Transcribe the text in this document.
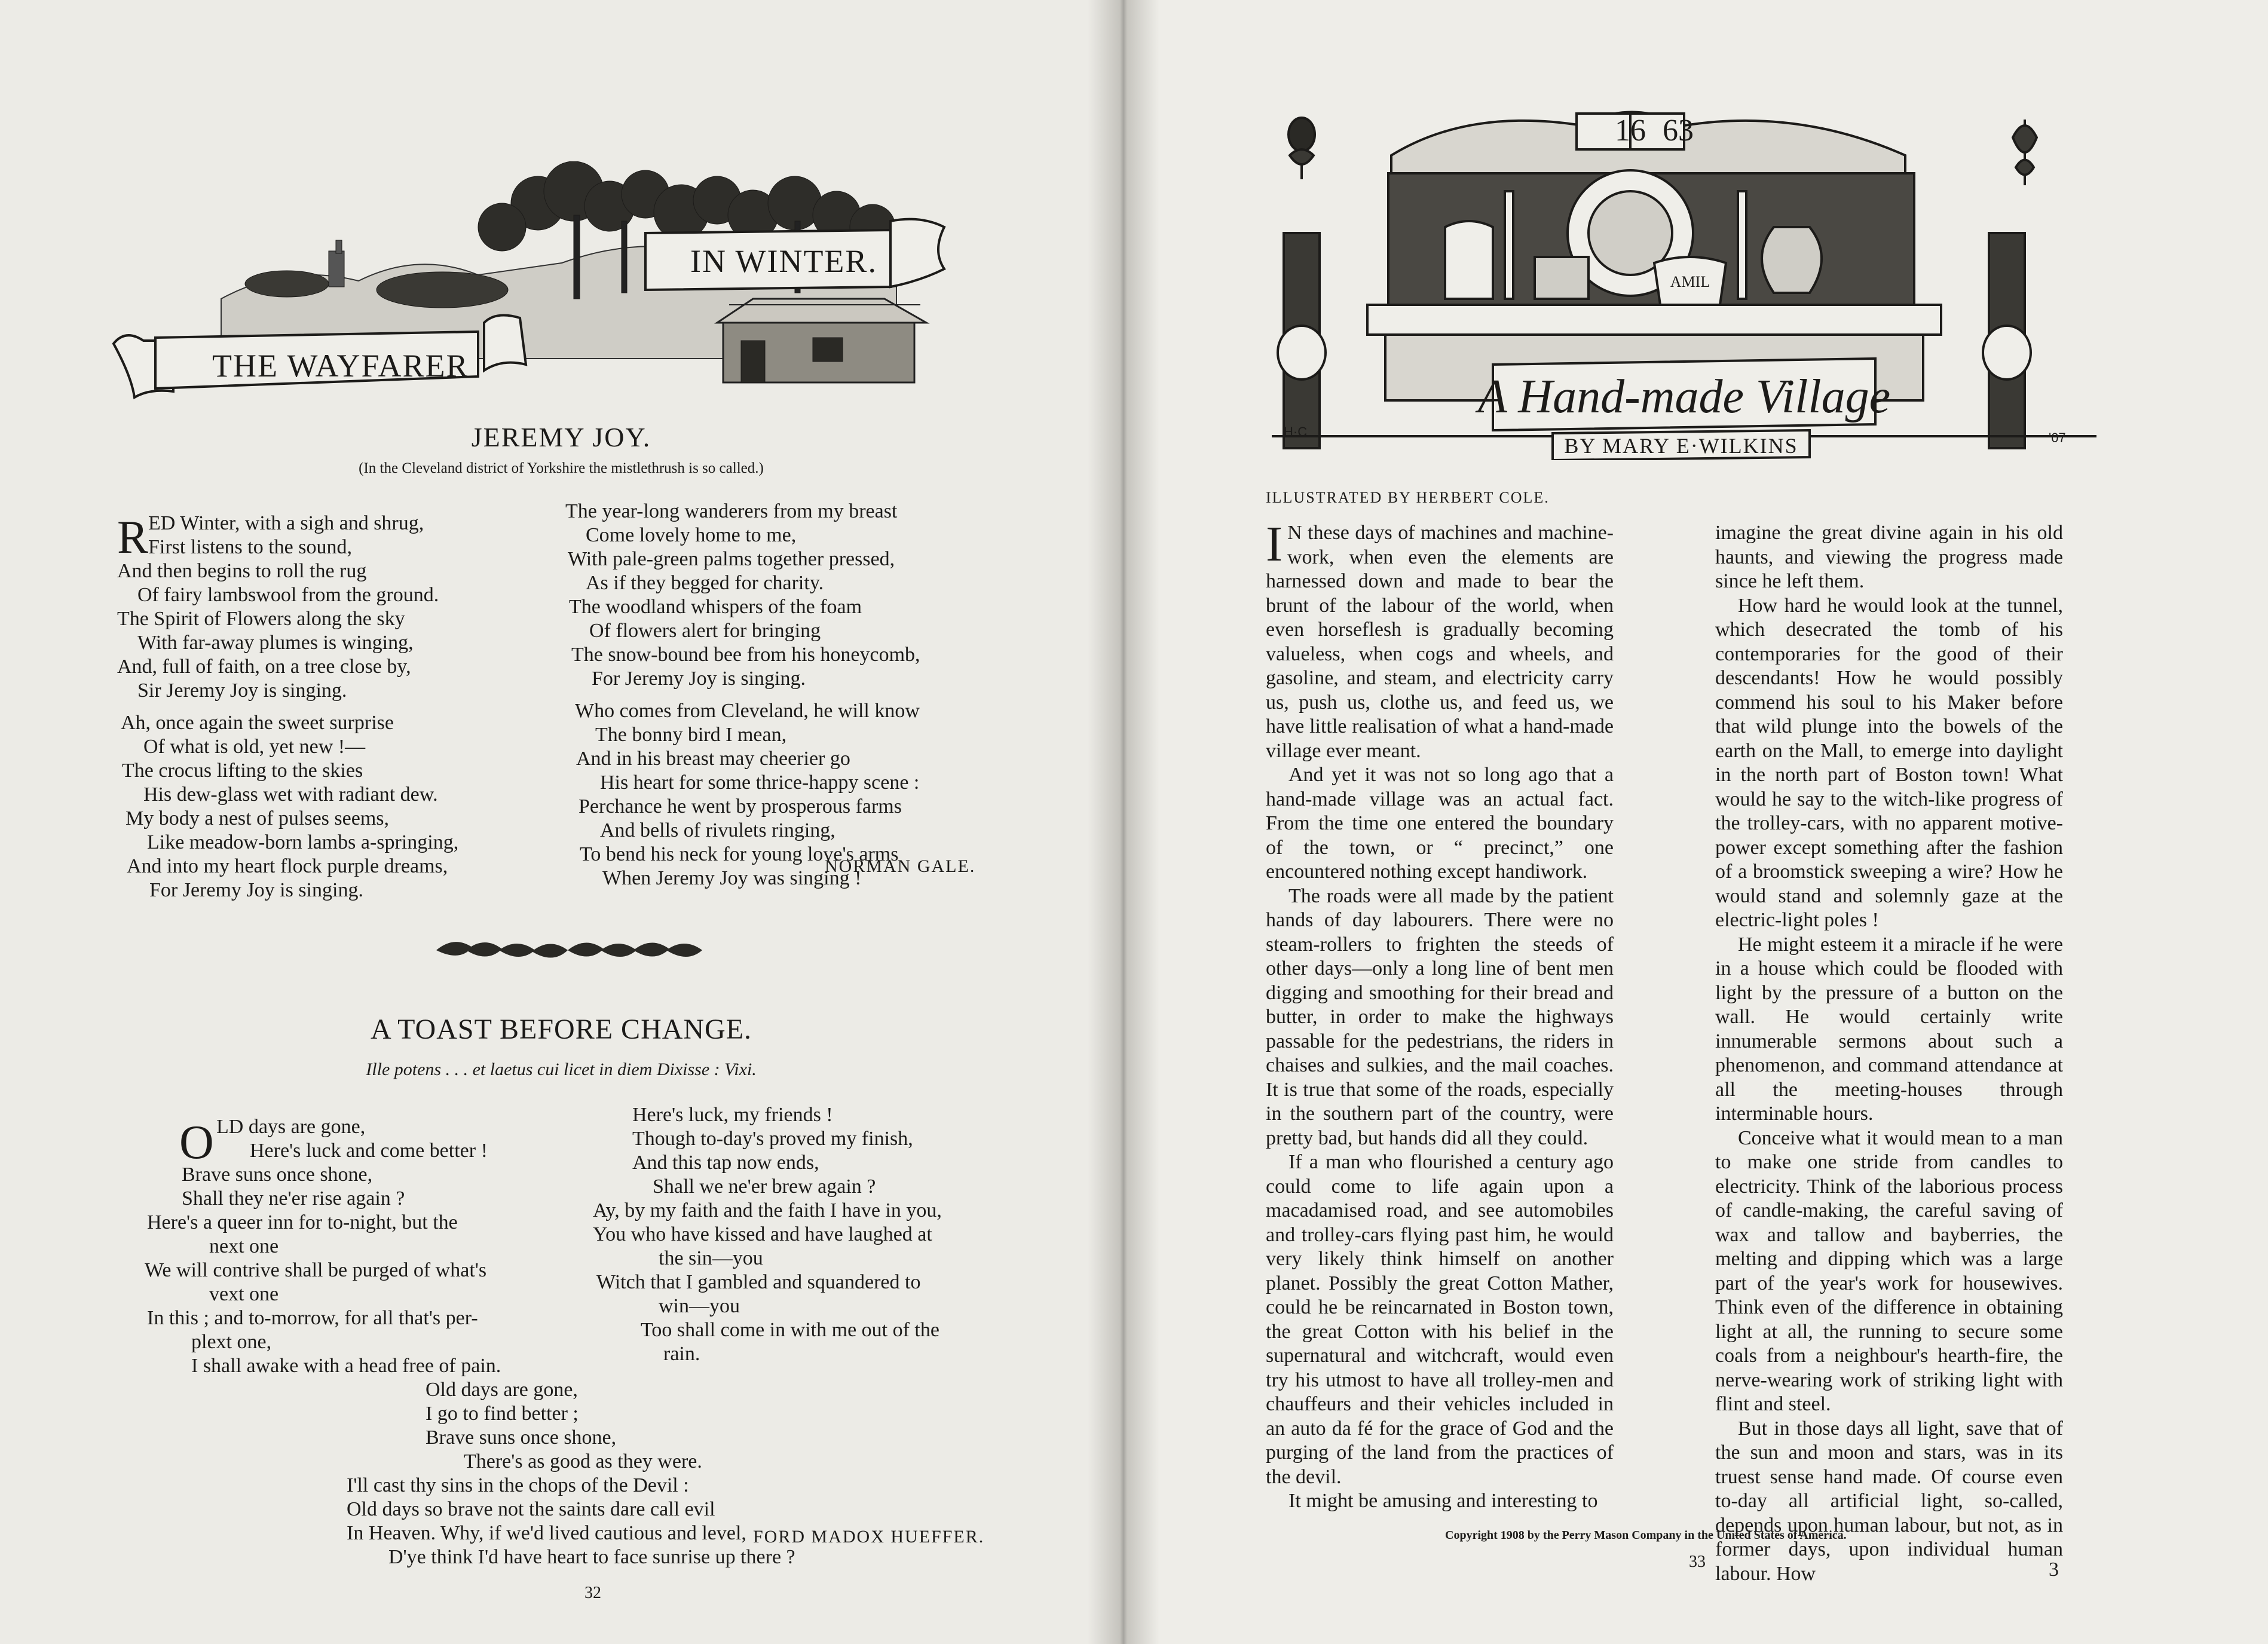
IN WINTER.
THE WAYFARER
JEREMY JOY.
(In the Cleveland district of Yorkshire the mistlethrush is so called.)
R ED Winter, with a sigh and shrug,
First listens to the sound,
And then begins to roll the rug
Of fairy lambswool from the ground.
The Spirit of Flowers along the sky
With far-away plumes is winging,
And, full of faith, on a tree close by,
Sir Jeremy Joy is singing.
Ah, once again the sweet surprise
Of what is old, yet new !—
The crocus lifting to the skies
His dew-glass wet with radiant dew.
My body a nest of pulses seems,
Like meadow-born lambs a-springing,
And into my heart flock purple dreams,
For Jeremy Joy is singing.
The year-long wanderers from my breast
Come lovely home to me,
With pale-green palms together pressed,
As if they begged for charity.
The woodland whispers of the foam
Of flowers alert for bringing
The snow-bound bee from his honeycomb,
For Jeremy Joy is singing.
Who comes from Cleveland, he will know
The bonny bird I mean,
And in his breast may cheerier go
His heart for some thrice-happy scene :
Perchance he went by prosperous farms
And bells of rivulets ringing,
To bend his neck for young love's arms
When Jeremy Joy was singing !
NORMAN GALE.
A TOAST BEFORE CHANGE.
Ille potens . . . et laetus cui licet in diem Dixisse : Vixi.
O LD days are gone,
Here's luck and come better !
Brave suns once shone,
Shall they ne'er rise again ?
Here's a queer inn for to-night, but the
next one
We will contrive shall be purged of what's
vext one
In this ; and to-morrow, for all that's per-
plext one,
I shall awake with a head free of pain.
Here's luck, my friends !
Though to-day's proved my finish,
And this tap now ends,
Shall we ne'er brew again ?
Ay, by my faith and the faith I have in you,
You who have kissed and have laughed at
the sin—you
Witch that I gambled and squandered to
win—you
Too shall come in with me out of the
rain.
Old days are gone,
I go to find better ;
Brave suns once shone,
There's as good as they were.
I'll cast thy sins in the chops of the Devil :
Old days so brave not the saints dare call evil
In Heaven. Why, if we'd lived cautious and level,
D'ye think I'd have heart to face sunrise up there ?
FORD MADOX HUEFFER.
32
16 63
AMIL
A Hand-made Village
BY MARY E·WILKINS
H·C	'07
ILLUSTRATED BY HERBERT COLE.

I N these days of machines and machine-work, when even the elements are harnessed down and made to bear the brunt of the labour of the world, when even horseflesh is gradually becoming valueless, when cogs and wheels, and gasoline, and steam, and electricity carry us, push us, clothe us, and feed us, we have little realisation of what a hand-made village ever meant.

And yet it was not so long ago that a hand-made village was an actual fact. From the time one entered the boundary of the town, or “ precinct,” one encountered nothing except handiwork.

The roads were all made by the patient hands of day labourers. There were no steam-rollers to frighten the steeds of other days—only a long line of bent men digging and smoothing for their bread and butter, in order to make the highways passable for the pedestrians, the riders in chaises and sulkies, and the mail coaches. It is true that some of the roads, especially in the southern part of the country, were pretty bad, but hands did all they could.

If a man who flourished a century ago could come to life again upon a macadamised road, and see automobiles and trolley-cars flying past him, he would very likely think himself on another planet. Possibly the great Cotton Mather, could he be reincarnated in Boston town, the great Cotton with his belief in the supernatural and witchcraft, would even try his utmost to have all trolley-men and chauffeurs and their vehicles included in an auto da fé for the grace of God and the purging of the land from the practices of the devil.

It might be amusing and interesting to

imagine the great divine again in his old haunts, and viewing the progress made since he left them.

How hard he would look at the tunnel, which desecrated the tomb of his contemporaries for the good of their descendants! How he would possibly commend his soul to his Maker before that wild plunge into the bowels of the earth on the Mall, to emerge into daylight in the north part of Boston town! What would he say to the witch-like progress of the trolley-cars, with no apparent motive-power except something after the fashion of a broomstick sweeping a wire? How he would stand and solemnly gaze at the electric-light poles !

He might esteem it a miracle if he were in a house which could be flooded with light by the pressure of a button on the wall. He would certainly write innumerable sermons about such a phenomenon, and command attendance at all the meeting-houses through interminable hours.

Conceive what it would mean to a man to make one stride from candles to electricity. Think of the laborious process of candle-making, the careful saving of wax and tallow and bayberries, the melting and dipping which was a large part of the year's work for housewives. Think even of the difference in obtaining light at all, the running to secure some coals from a neighbour's hearth-fire, the nerve-wearing work of striking light with flint and steel.

But in those days all light, save that of the sun and moon and stars, was in its truest sense hand made. Of course even to-day all artificial light, so-called, depends upon human labour, but not, as in former days, upon individual human labour. How

Copyright 1908 by the Perry Mason Company in the United States of America.
33	3
